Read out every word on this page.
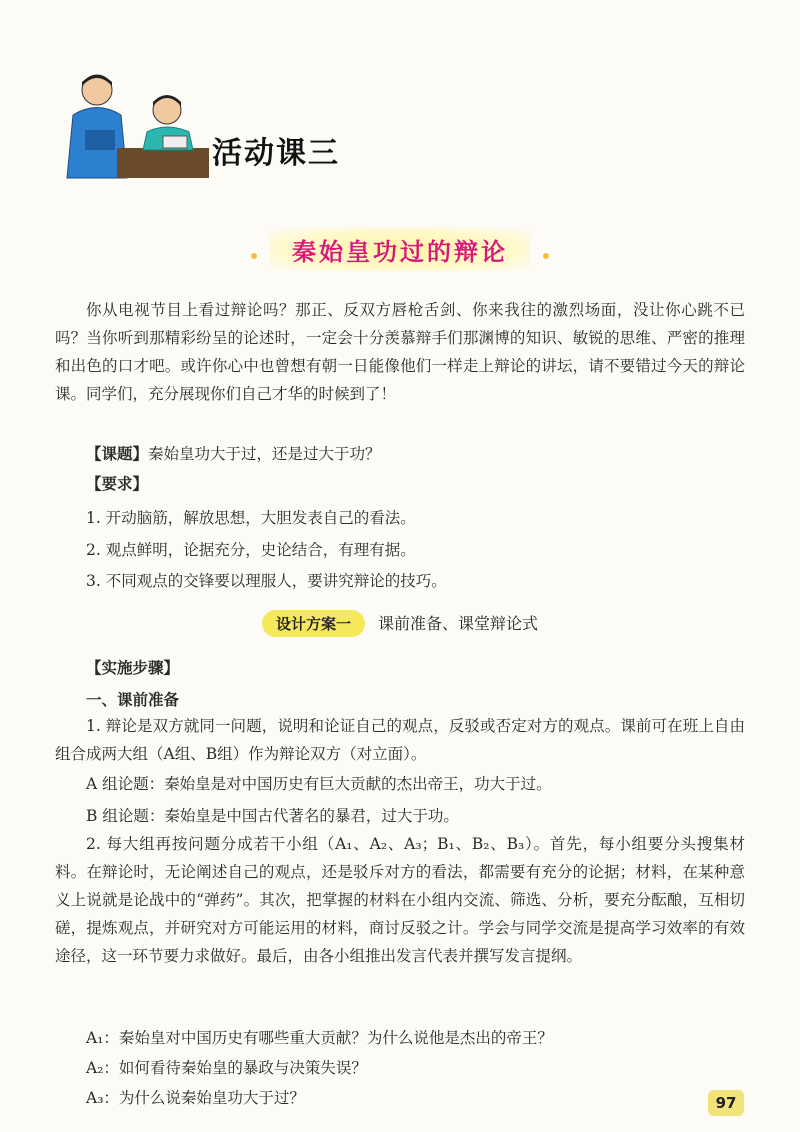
活动课三
秦始皇功过的辩论
你从电视节目上看过辩论吗？那正、反双方唇枪舌剑、你来我往的激烈场面，没让你心跳不已吗？当你听到那精彩纷呈的论述时，一定会十分羡慕辩手们那渊博的知识、敏锐的思维、严密的推理和出色的口才吧。或许你心中也曾想有朝一日能像他们一样走上辩论的讲坛，请不要错过今天的辩论课。同学们，充分展现你们自己才华的时候到了！
【课题】秦始皇功大于过，还是过大于功？
【要求】
1. 开动脑筋，解放思想，大胆发表自己的看法。
2. 观点鲜明，论据充分，史论结合，有理有据。
3. 不同观点的交锋要以理服人，要讲究辩论的技巧。
设计方案一 课前准备、课堂辩论式
【实施步骤】
一、课前准备
1. 辩论是双方就同一问题，说明和论证自己的观点，反驳或否定对方的观点。课前可在班上自由组合成两大组（A组、B组）作为辩论双方（对立面）。
A 组论题：秦始皇是对中国历史有巨大贡献的杰出帝王，功大于过。
B 组论题：秦始皇是中国古代著名的暴君，过大于功。
2. 每大组再按问题分成若干小组（A₁、A₂、A₃；B₁、B₂、B₃）。首先，每小组要分头搜集材料。在辩论时，无论阐述自己的观点，还是驳斥对方的看法，都需要有充分的论据；材料，在某种意义上说就是论战中的“弹药”。其次，把掌握的材料在小组内交流、筛选、分析，要充分酝酿，互相切磋，提炼观点，并研究对方可能运用的材料，商讨反驳之计。学会与同学交流是提高学习效率的有效途径，这一环节要力求做好。最后，由各小组推出发言代表并撰写发言提纲。
A₁：秦始皇对中国历史有哪些重大贡献？为什么说他是杰出的帝王？
A₂：如何看待秦始皇的暴政与决策失误？
A₃：为什么说秦始皇功大于过？	97
